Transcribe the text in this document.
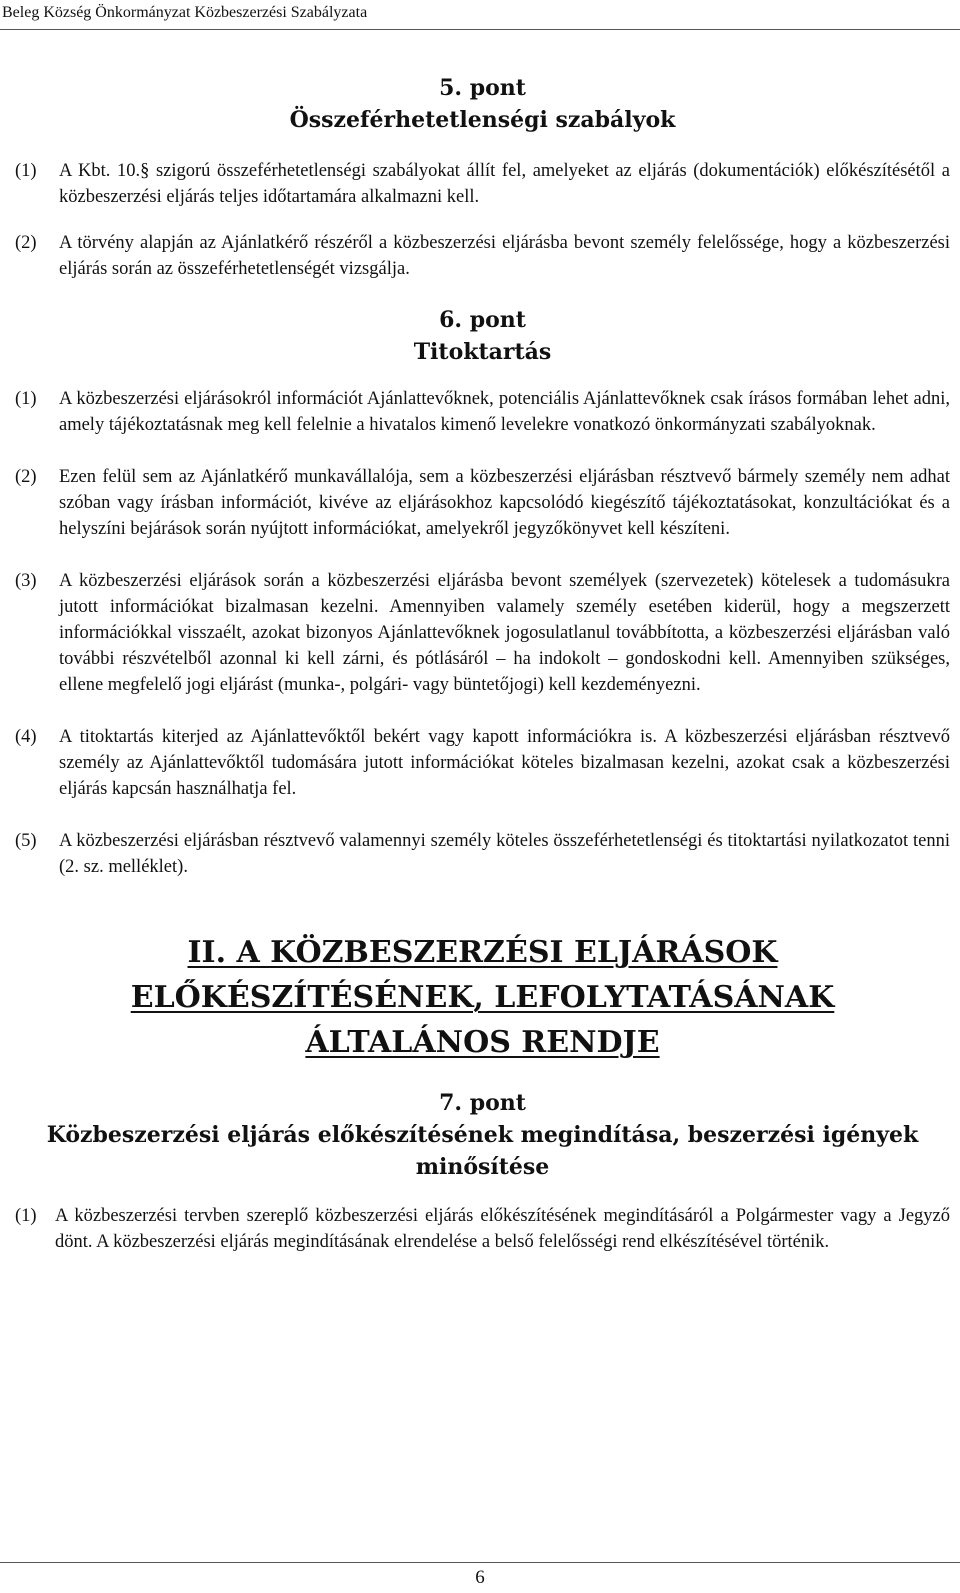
Beleg Község Önkormányzat Közbeszerzési Szabályzata
5. pont
Összeférhetetlenségi szabályok
(1)	A Kbt. 10.§ szigorú összeférhetetlenségi szabályokat állít fel, amelyeket az eljárás (dokumentációk) előkészítésétől a közbeszerzési eljárás teljes időtartamára alkalmazni kell.
(2)	A törvény alapján az Ajánlatkérő részéről a közbeszerzési eljárásba bevont személy felelőssége, hogy a közbeszerzési eljárás során az összeférhetetlenségét vizsgálja.
6. pont
Titoktartás
(1)	A közbeszerzési eljárásokról információt Ajánlattevőknek, potenciális Ajánlattevőknek csak írásos formában lehet adni, amely tájékoztatásnak meg kell felelnie a hivatalos kimenő levelekre vonatkozó önkormányzati szabályoknak.
(2)	Ezen felül sem az Ajánlatkérő munkavállalója, sem a közbeszerzési eljárásban résztvevő bármely személy nem adhat szóban vagy írásban információt, kivéve az eljárásokhoz kapcsolódó kiegészítő tájékoztatásokat, konzultációkat és a helyszíni bejárások során nyújtott információkat, amelyekről jegyzőkönyvet kell készíteni.
(3)	A közbeszerzési eljárások során a közbeszerzési eljárásba bevont személyek (szervezetek) kötelesek a tudomásukra jutott információkat bizalmasan kezelni. Amennyiben valamely személy esetében kiderül, hogy a megszerzett információkkal visszaélt, azokat bizonyos Ajánlattevőknek jogosulatlanul továbbította, a közbeszerzési eljárásban való további részvételből azonnal ki kell zárni, és pótlásáról – ha indokolt – gondoskodni kell. Amennyiben szükséges, ellene megfelelő jogi eljárást (munka-, polgári- vagy büntetőjogi) kell kezdeményezni.
(4)	A titoktartás kiterjed az Ajánlattevőktől bekért vagy kapott információkra is. A közbeszerzési eljárásban résztvevő személy az Ajánlattevőktől tudomására jutott információkat köteles bizalmasan kezelni, azokat csak a közbeszerzési eljárás kapcsán használhatja fel.
(5)	A közbeszerzési eljárásban résztvevő valamennyi személy köteles összeférhetetlenségi és titoktartási nyilatkozatot tenni (2. sz. melléklet).
II. A KÖZBESZERZÉSI ELJÁRÁSOK
ELŐKÉSZÍTÉSÉNEK, LEFOLYTATÁSÁNAK
ÁLTALÁNOS RENDJE
7. pont
Közbeszerzési eljárás előkészítésének megindítása, beszerzési igények minősítése
(1) A közbeszerzési tervben szereplő közbeszerzési eljárás előkészítésének megindításáról a Polgármester vagy a Jegyző dönt. A közbeszerzési eljárás megindításának elrendelése a belső felelősségi rend elkészítésével történik.
6
